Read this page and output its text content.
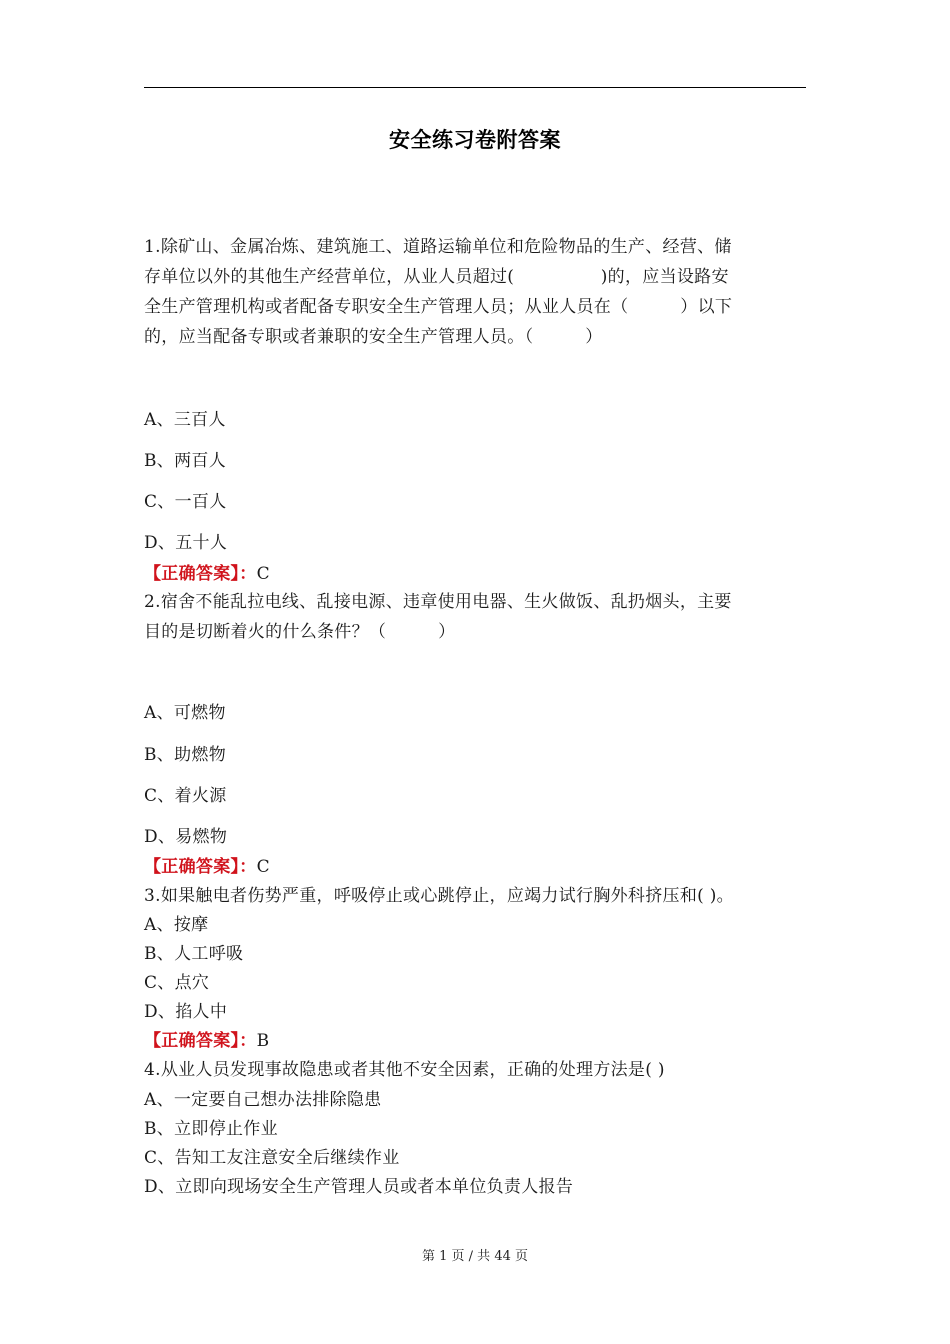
安全练习卷附答案
1.除矿山、金属冶炼、建筑施工、道路运输单位和危险物品的生产、经营、储
存单位以外的其他生产经营单位，从业人员超过(　　　　　)的，应当设路安
全生产管理机构或者配备专职安全生产管理人员；从业人员在（　　　）以下
的，应当配备专职或者兼职的安全生产管理人员。（　　　）
A、三百人
B、两百人
C、一百人
D、五十人
【正确答案】：C
2.宿舍不能乱拉电线、乱接电源、违章使用电器、生火做饭、乱扔烟头，主要
目的是切断着火的什么条件？（　　　）
A、可燃物
B、助燃物
C、着火源
D、易燃物
【正确答案】：C
3.如果触电者伤势严重，呼吸停止或心跳停止，应竭力试行胸外科挤压和( )。
A、按摩
B、人工呼吸
C、点穴
D、掐人中
【正确答案】：B
4.从业人员发现事故隐患或者其他不安全因素，正确的处理方法是( )
A、一定要自己想办法排除隐患
B、立即停止作业
C、告知工友注意安全后继续作业
D、立即向现场安全生产管理人员或者本单位负责人报告
第 1 页 / 共 44 页
